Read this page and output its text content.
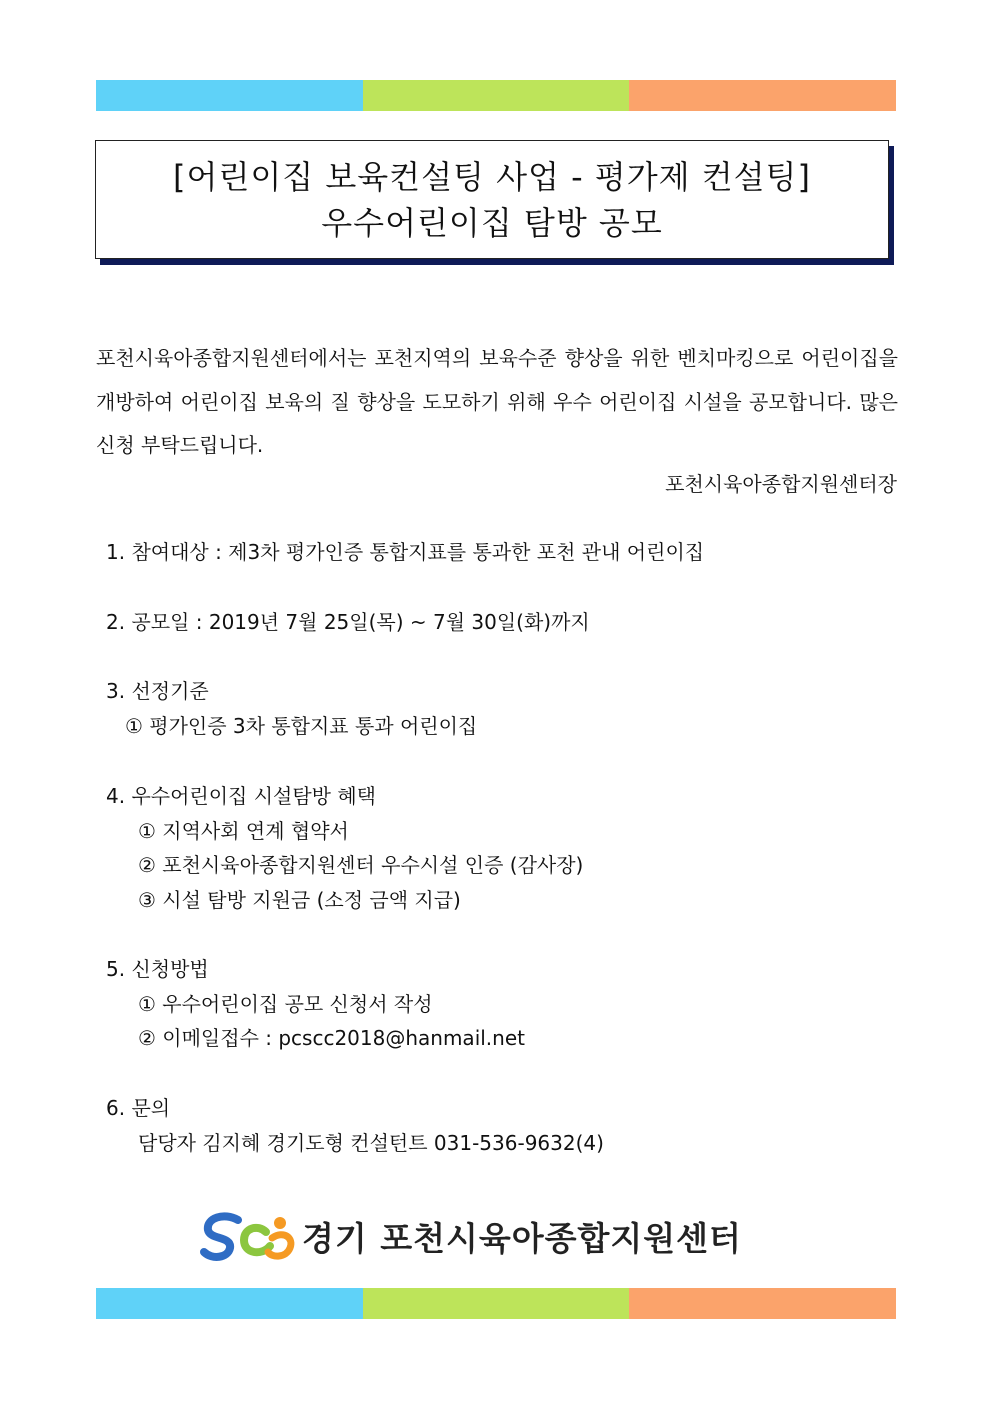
[어린이집 보육컨설팅 사업 - 평가제 컨설팅]
우수어린이집 탐방 공모
포천시육아종합지원센터에서는 포천지역의 보육수준 향상을 위한 벤치마킹으로 어린이집을 개방하여 어린이집 보육의 질 향상을 도모하기 위해 우수 어린이집 시설을 공모합니다. 많은 신청 부탁드립니다.
포천시육아종합지원센터장
1. 참여대상 : 제3차 평가인증 통합지표를 통과한 포천 관내 어린이집
2. 공모일 : 2019년 7월 25일(목) ~ 7월 30일(화)까지
3. 선정기준
① 평가인증 3차 통합지표 통과 어린이집
4. 우수어린이집 시설탐방 혜택
① 지역사회 연계 협약서
② 포천시육아종합지원센터 우수시설 인증 (감사장)
③ 시설 탐방 지원금 (소정 금액 지급)
5. 신청방법
① 우수어린이집 공모 신청서 작성
② 이메일접수 : pcscc2018@hanmail.net
6. 문의
담당자 김지혜 경기도형 컨설턴트 031-536-9632(4)
경기 포천시육아종합지원센터
